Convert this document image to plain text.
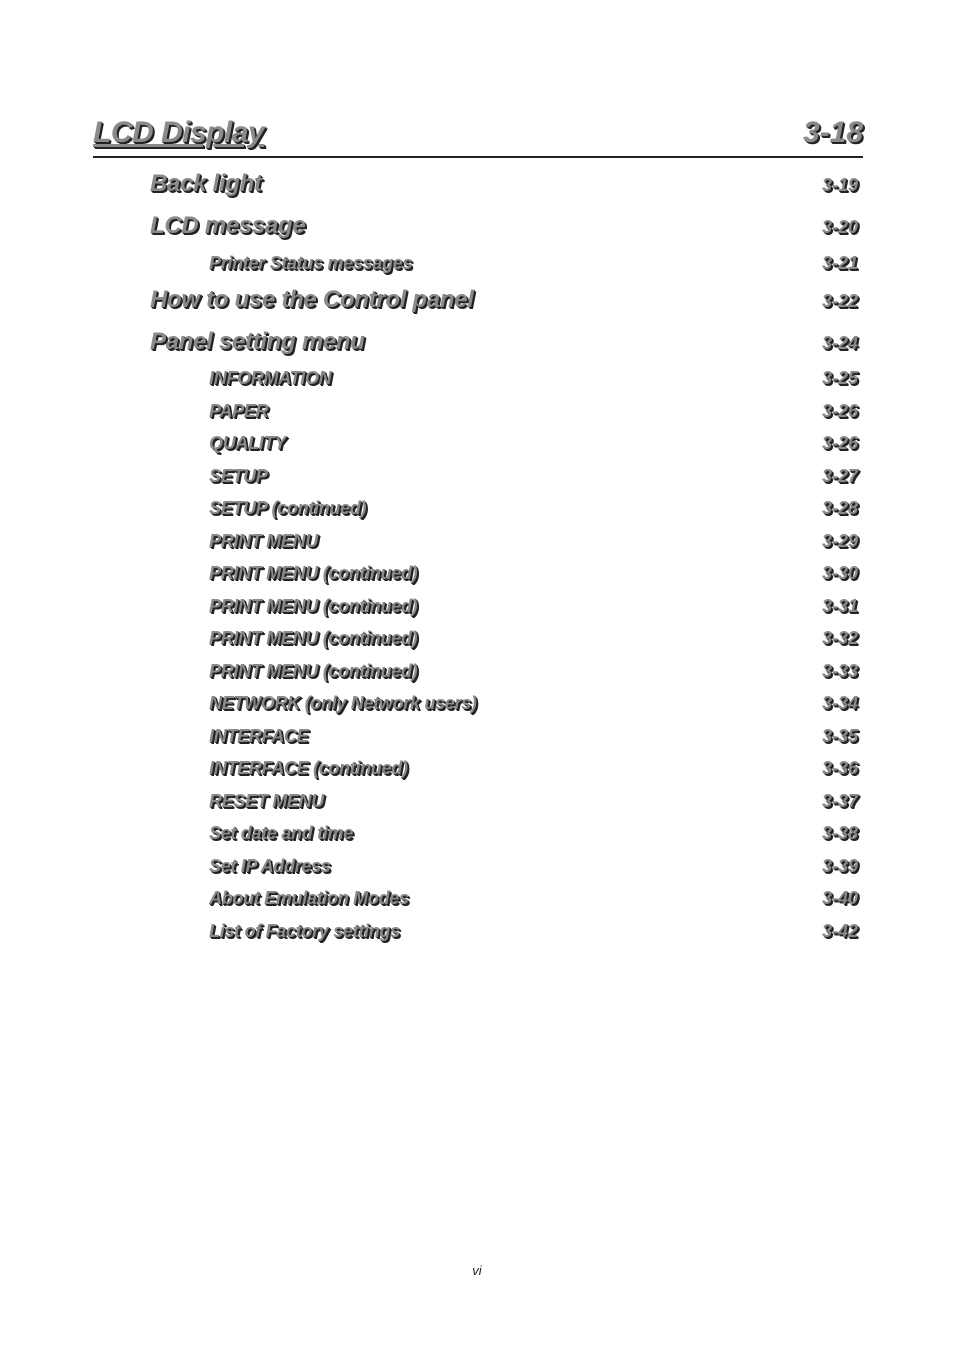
LCD Display	3-18
Back light	3-19
LCD message	3-20
Printer Status messages	3-21
How to use the Control panel	3-22
Panel setting menu	3-24
INFORMATION	3-25
PAPER	3-26
QUALITY	3-26
SETUP	3-27
SETUP (continued)	3-28
PRINT MENU	3-29
PRINT MENU (continued)	3-30
PRINT MENU (continued)	3-31
PRINT MENU (continued)	3-32
PRINT MENU (continued)	3-33
NETWORK (only Network users)	3-34
INTERFACE	3-35
INTERFACE (continued)	3-36
RESET MENU	3-37
Set date and time	3-38
Set IP Address	3-39
About Emulation Modes	3-40
List of Factory settings	3-42
vi
